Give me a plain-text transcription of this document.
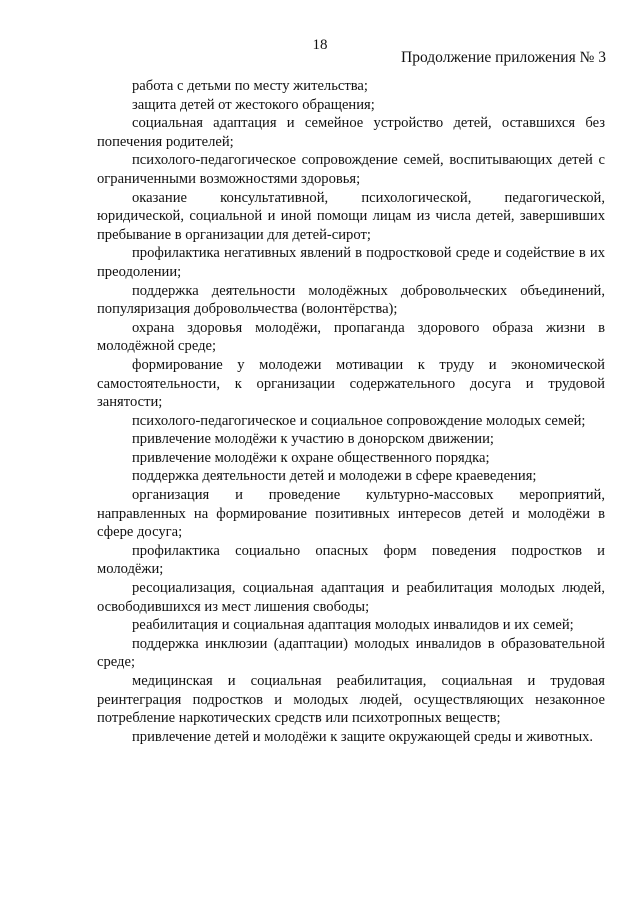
18
Продолжение приложения № 3

работа с детьми по месту жительства;

защита детей от жестокого обращения;

социальная адаптация и семейное устройство детей, оставшихся без попечения родителей;

психолого-педагогическое сопровождение семей, воспитывающих детей с ограниченными возможностями здоровья;

оказание консультативной, психологической, педагогической, юридической, социальной и иной помощи лицам из числа детей, завершивших пребывание в организации для детей-сирот;

профилактика негативных явлений в подростковой среде и содействие в их преодолении;

поддержка деятельности молодёжных добровольческих объединений, популяризация добровольчества (волонтёрства);

охрана здоровья молодёжи, пропаганда здорового образа жизни в молодёжной среде;

формирование у молодежи мотивации к труду и экономической самостоятельности, к организации содержательного досуга и трудовой занятости;

психолого-педагогическое и социальное сопровождение молодых семей;

привлечение молодёжи к участию в донорском движении;

привлечение молодёжи к охране общественного порядка;

поддержка деятельности детей и молодежи в сфере краеведения;

организация и проведение культурно-массовых мероприятий, направленных на формирование позитивных интересов детей и молодёжи в сфере досуга;

профилактика социально опасных форм поведения подростков и молодёжи;

ресоциализация, социальная адаптация и реабилитация молодых людей, освободившихся из мест лишения свободы;

реабилитация и социальная адаптация молодых инвалидов и их семей;

поддержка инклюзии (адаптации) молодых инвалидов в образовательной среде;

медицинская и социальная реабилитация, социальная и трудовая реинтеграция подростков и молодых людей, осуществляющих незаконное потребление наркотических средств или психотропных веществ;

привлечение детей и молодёжи к защите окружающей среды и животных.
